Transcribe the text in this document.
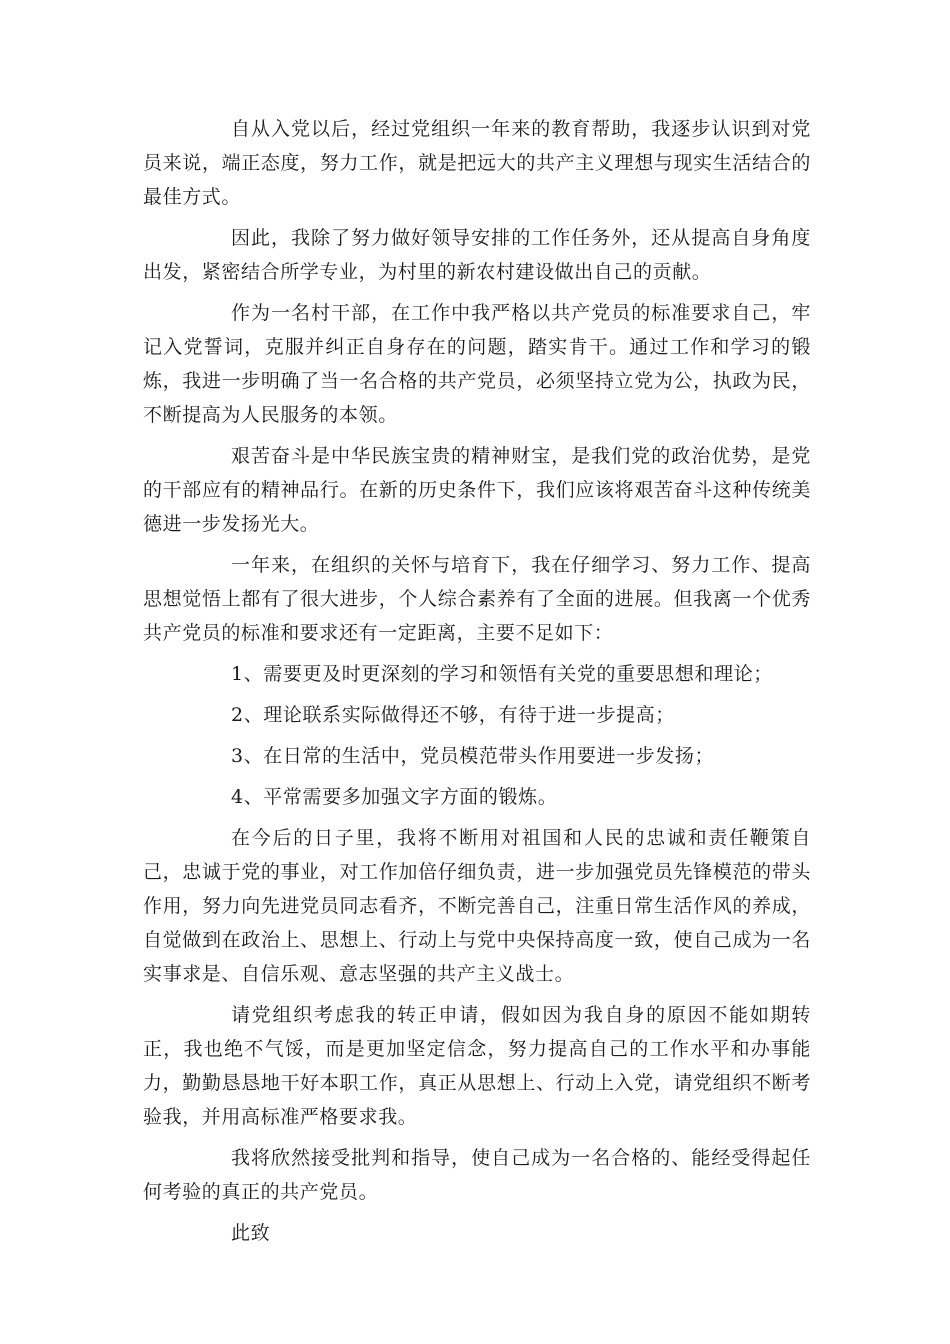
自从入党以后，经过党组织一年来的教育帮助，我逐步认识到对党员来说，端正态度，努力工作，就是把远大的共产主义理想与现实生活结合的最佳方式。

因此，我除了努力做好领导安排的工作任务外，还从提高自身角度出发，紧密结合所学专业，为村里的新农村建设做出自己的贡献。

作为一名村干部，在工作中我严格以共产党员的标准要求自己，牢记入党誓词，克服并纠正自身存在的问题，踏实肯干。通过工作和学习的锻炼，我进一步明确了当一名合格的共产党员，必须坚持立党为公，执政为民，不断提高为人民服务的本领。

艰苦奋斗是中华民族宝贵的精神财宝，是我们党的政治优势，是党的干部应有的精神品行。在新的历史条件下，我们应该将艰苦奋斗这种传统美德进一步发扬光大。

一年来，在组织的关怀与培育下，我在仔细学习、努力工作、提高思想觉悟上都有了很大进步，个人综合素养有了全面的进展。但我离一个优秀共产党员的标准和要求还有一定距离，主要不足如下：

1、需要更及时更深刻的学习和领悟有关党的重要思想和理论；

2、理论联系实际做得还不够，有待于进一步提高；

3、在日常的生活中，党员模范带头作用要进一步发扬；

4、平常需要多加强文字方面的锻炼。

在今后的日子里，我将不断用对祖国和人民的忠诚和责任鞭策自己，忠诚于党的事业，对工作加倍仔细负责，进一步加强党员先锋模范的带头作用，努力向先进党员同志看齐，不断完善自己，注重日常生活作风的养成，自觉做到在政治上、思想上、行动上与党中央保持高度一致，使自己成为一名实事求是、自信乐观、意志坚强的共产主义战士。

请党组织考虑我的转正申请，假如因为我自身的原因不能如期转正，我也绝不气馁，而是更加坚定信念，努力提高自己的工作水平和办事能力，勤勤恳恳地干好本职工作，真正从思想上、行动上入党，请党组织不断考验我，并用高标准严格要求我。

我将欣然接受批判和指导，使自己成为一名合格的、能经受得起任何考验的真正的共产党员。

此致
